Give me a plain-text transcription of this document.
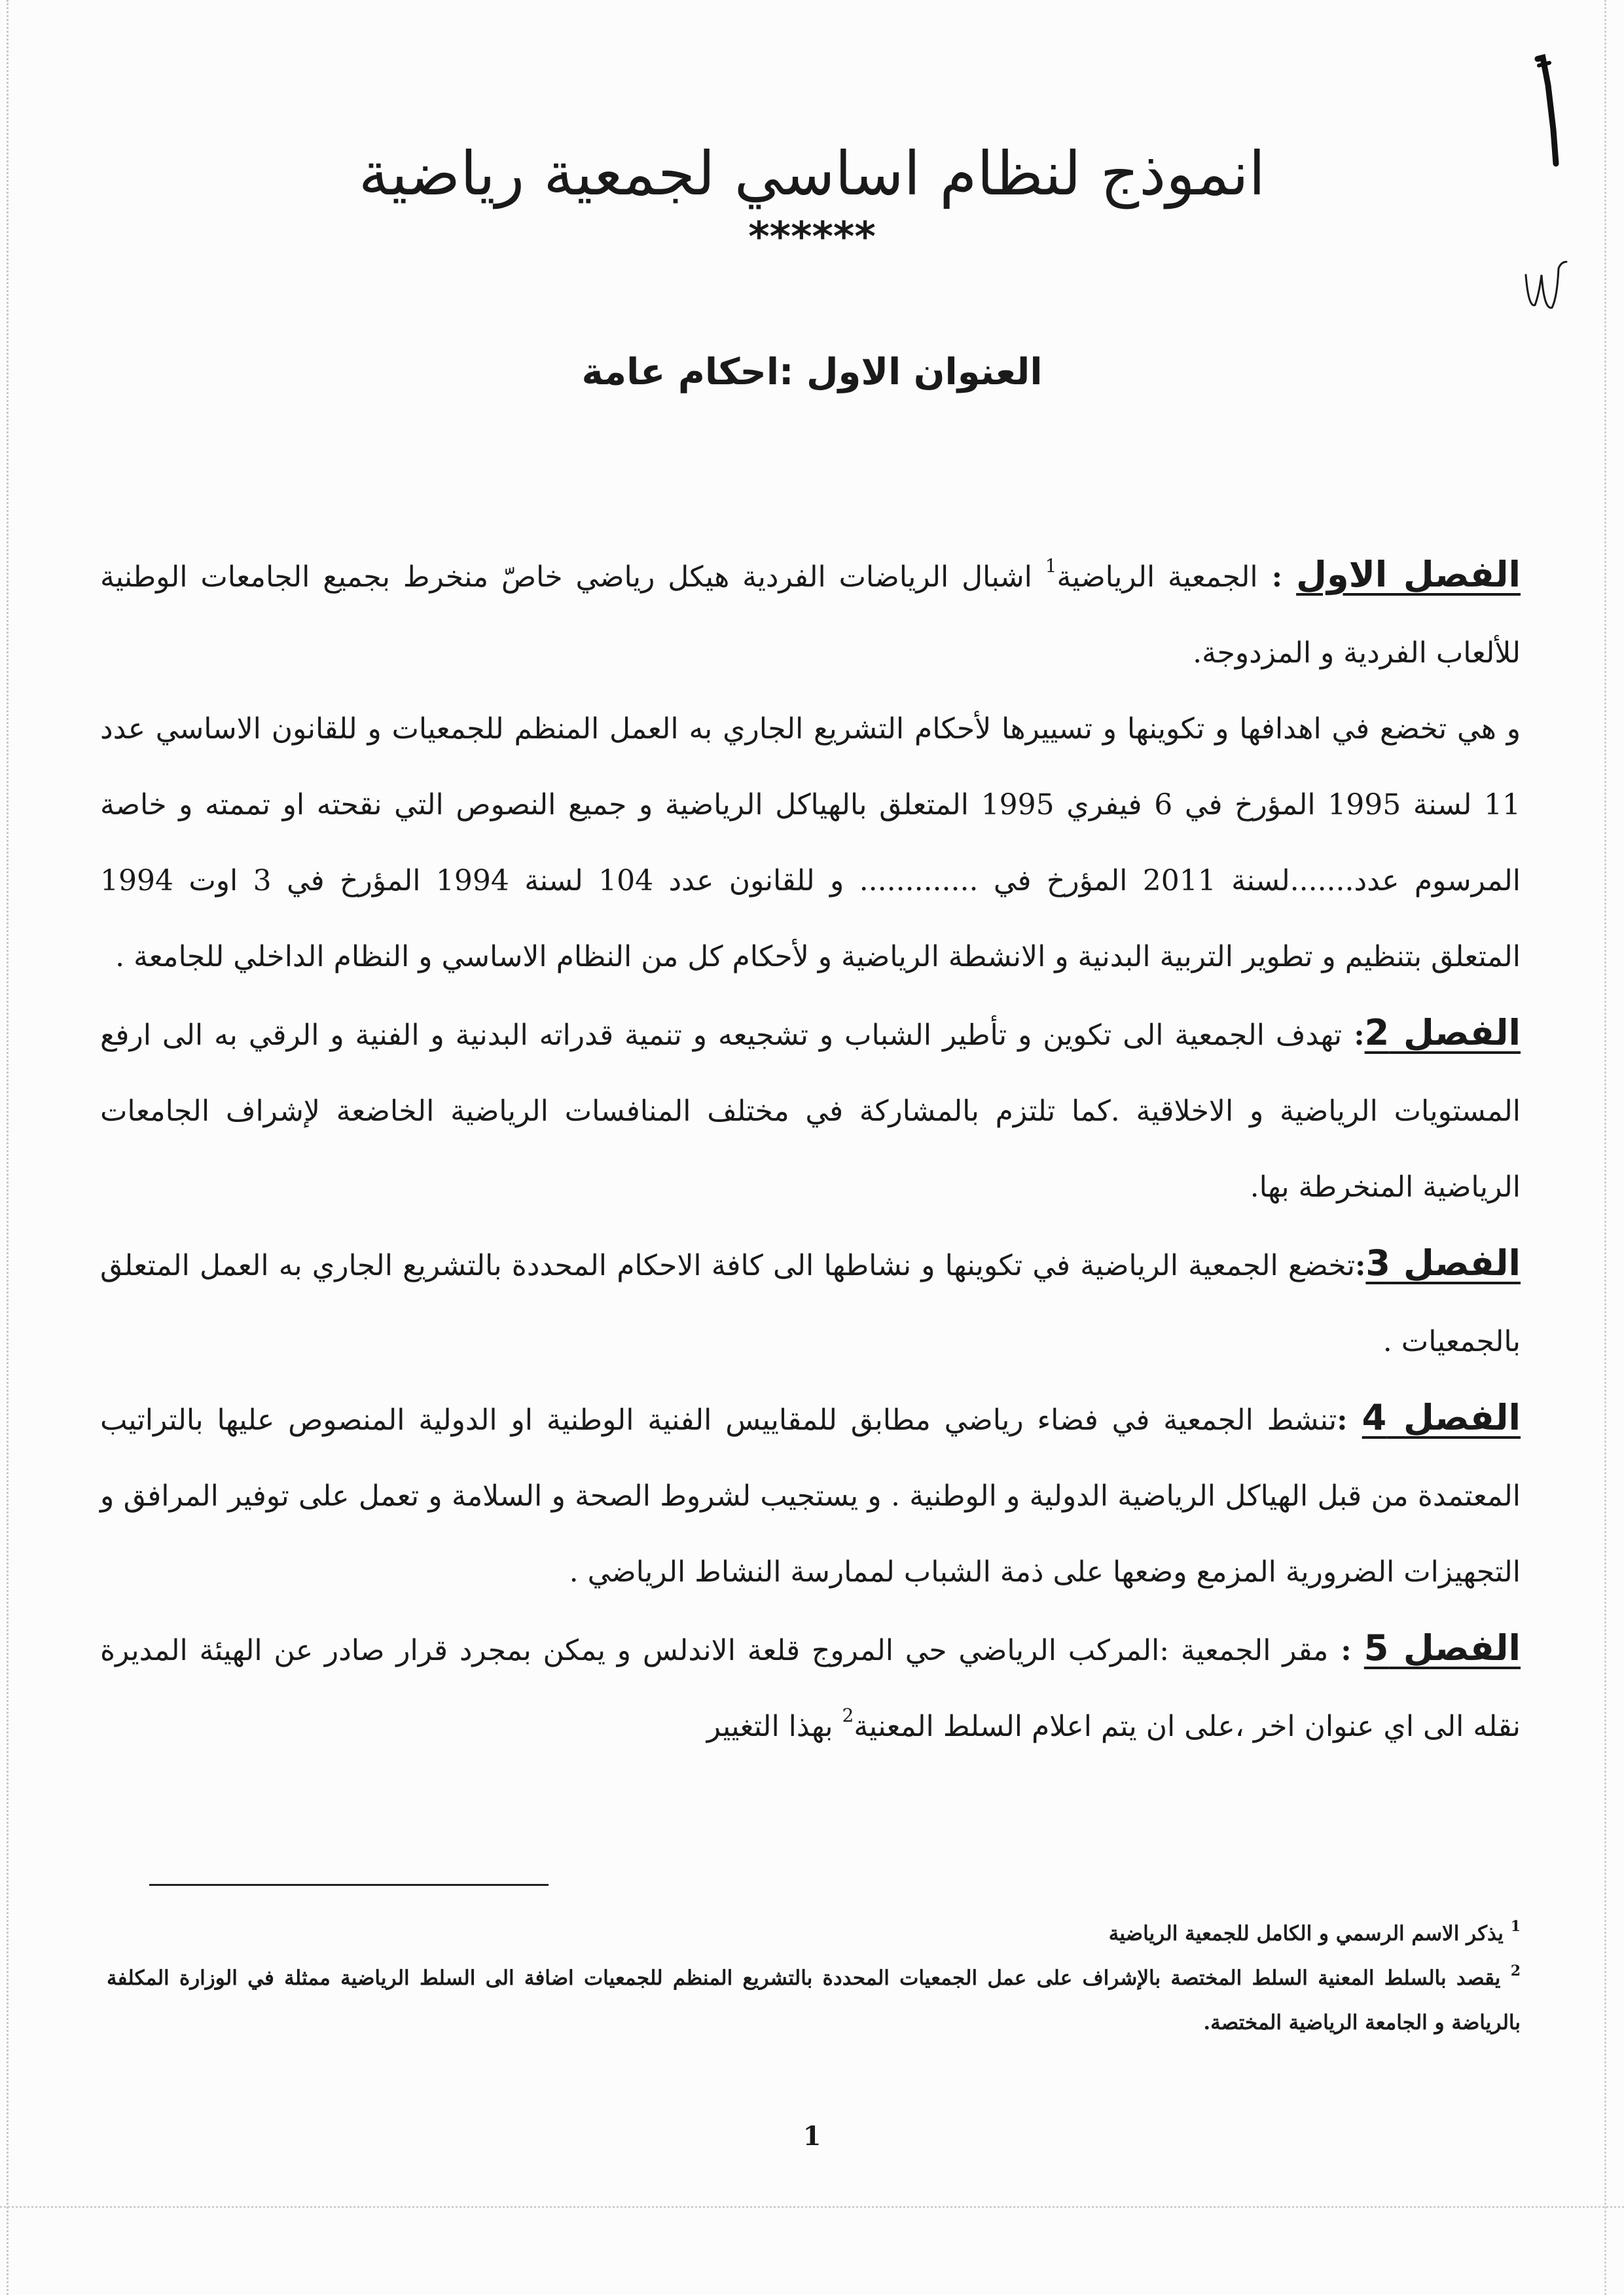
انموذج لنظام اساسي لجمعية رياضية
******
العنوان الاول :احكام عامة

الفصل الاول : الجمعية الرياضية$^1$ اشبال الرياضات الفردية هيكل رياضي خاصّ منخرط بجميع الجامعات الوطنية للألعاب الفردية و المزدوجة.

و هي تخضع في اهدافها و تكوينها و تسييرها لأحكام التشريع الجاري به العمل المنظم للجمعيات و للقانون الاساسي عدد 11 لسنة 1995 المؤرخ في 6 فيفري 1995 المتعلق بالهياكل الرياضية و جميع النصوص التي نقحته او تممته و خاصة المرسوم عدد.......لسنة 2011 المؤرخ في ............. و للقانون عدد 104 لسنة 1994 المؤرخ في 3 اوت 1994 المتعلق بتنظيم و تطوير التربية البدنية و الانشطة الرياضية و لأحكام كل من النظام الاساسي و النظام الداخلي للجامعة .

الفصل 2: تهدف الجمعية الى تكوين و تأطير الشباب و تشجيعه و تنمية قدراته البدنية و الفنية و الرقي به الى ارفع المستويات الرياضية و الاخلاقية .كما تلتزم بالمشاركة في مختلف المنافسات الرياضية الخاضعة لإشراف الجامعات الرياضية المنخرطة بها.

الفصل 3:تخضع الجمعية الرياضية في تكوينها و نشاطها الى كافة الاحكام المحددة بالتشريع الجاري به العمل المتعلق بالجمعيات .

الفصل 4 :تنشط الجمعية في فضاء رياضي مطابق للمقاييس الفنية الوطنية او الدولية المنصوص عليها بالتراتيب المعتمدة من قبل الهياكل الرياضية الدولية و الوطنية . و يستجيب لشروط الصحة و السلامة و تعمل على توفير المرافق و التجهيزات الضرورية المزمع وضعها على ذمة الشباب لممارسة النشاط الرياضي .

الفصل 5 : مقر الجمعية :المركب الرياضي حي المروج قلعة الاندلس و يمكن بمجرد قرار صادر عن الهيئة المديرة نقله الى اي عنوان اخر ،على ان يتم اعلام السلط المعنية$^2$ بهذا التغيير

$^1$ يذكر الاسم الرسمي و الكامل للجمعية الرياضية

$^2$ يقصد بالسلط المعنية السلط المختصة بالإشراف على عمل الجمعيات المحددة بالتشريع المنظم للجمعيات اضافة الى السلط الرياضية ممثلة في الوزارة المكلفة بالرياضة و الجامعة الرياضية المختصة.

1
